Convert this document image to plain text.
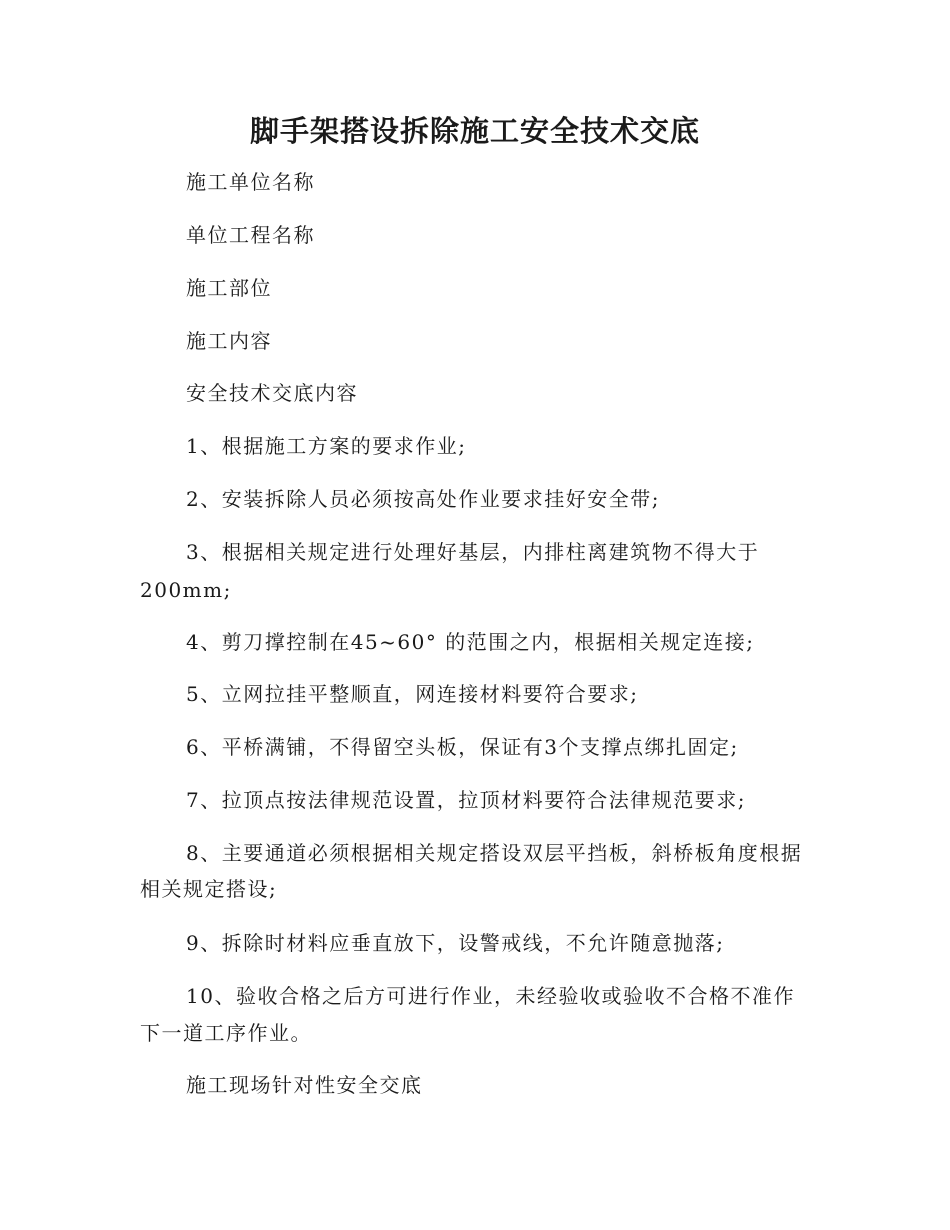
脚手架搭设拆除施工安全技术交底
施工单位名称
单位工程名称
施工部位
施工内容
安全技术交底内容
1、根据施工方案的要求作业;
2、安装拆除人员必须按高处作业要求挂好安全带;
3、根据相关规定进行处理好基层，内排柱离建筑物不得大于
200mm;
4、剪刀撑控制在45~60° 的范围之内，根据相关规定连接;
5、立网拉挂平整顺直，网连接材料要符合要求;
6、平桥满铺，不得留空头板，保证有3个支撑点绑扎固定;
7、拉顶点按法律规范设置，拉顶材料要符合法律规范要求;
8、主要通道必须根据相关规定搭设双层平挡板，斜桥板角度根据
相关规定搭设;
9、拆除时材料应垂直放下，设警戒线，不允许随意抛落;
10、验收合格之后方可进行作业，未经验收或验收不合格不准作
下一道工序作业。
施工现场针对性安全交底
